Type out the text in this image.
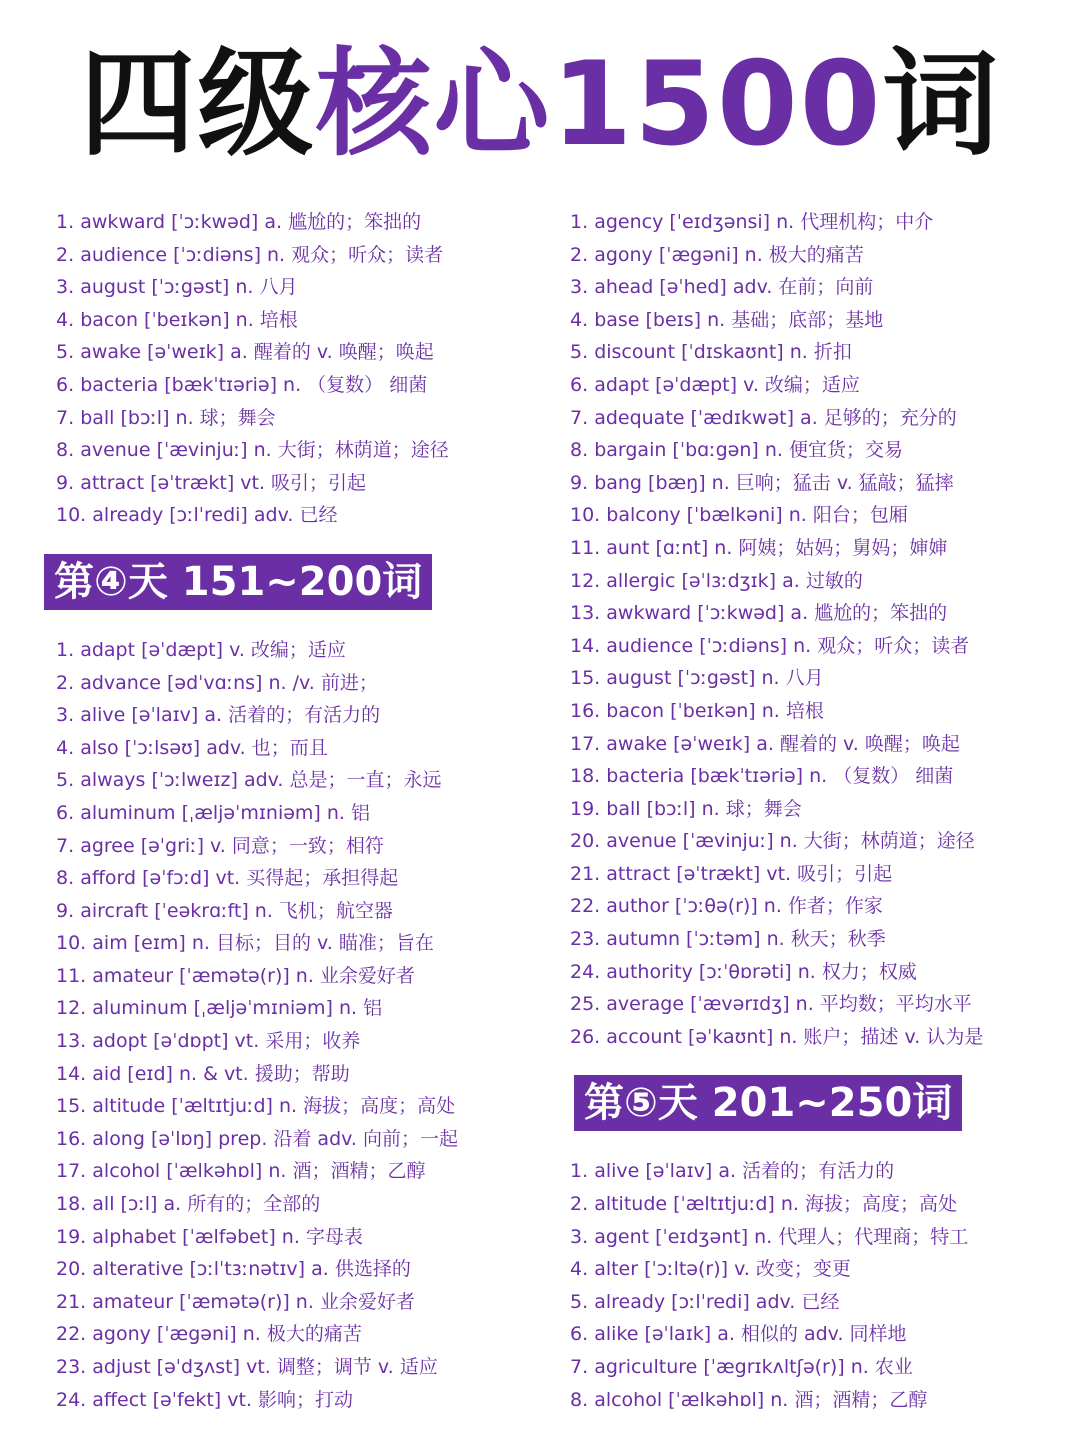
四级核心1500词
1. awkward [ˈɔːkwəd] a. 尴尬的；笨拙的
2. audience [ˈɔːdiəns] n. 观众；听众；读者
3. august [ˈɔːgəst] n. 八月
4. bacon [ˈbeɪkən] n. 培根
5. awake [əˈweɪk] a. 醒着的 v. 唤醒；唤起
6. bacteria [bækˈtɪəriə] n. （复数） 细菌
7. ball [bɔːl] n. 球；舞会
8. avenue [ˈævinjuː] n. 大街；林荫道；途径
9. attract [əˈtrækt] vt. 吸引；引起
10. already [ɔːlˈredi] adv. 已经
第④天 151~200词
1. adapt [əˈdæpt] v. 改编；适应
2. advance [ədˈvɑːns] n. /v. 前进；
3. alive [əˈlaɪv] a. 活着的；有活力的
4. also [ˈɔːlsəʊ] adv. 也；而且
5. always [ˈɔːlweɪz] adv. 总是；一直；永远
6. aluminum [ˌæljəˈmɪniəm] n. 铝
7. agree [əˈgriː] v. 同意；一致；相符
8. afford [əˈfɔːd] vt. 买得起；承担得起
9. aircraft [ˈeəkrɑːft] n. 飞机；航空器
10. aim [eɪm] n. 目标；目的 v. 瞄准；旨在
11. amateur [ˈæmətə(r)] n. 业余爱好者
12. aluminum [ˌæljəˈmɪniəm] n. 铝
13. adopt [əˈdɒpt] vt. 采用；收养
14. aid [eɪd] n. & vt. 援助；帮助
15. altitude [ˈæltɪtjuːd] n. 海拔；高度；高处
16. along [əˈlɒŋ] prep. 沿着 adv. 向前；一起
17. alcohol [ˈælkəhɒl] n. 酒；酒精；乙醇
18. all [ɔːl] a. 所有的；全部的
19. alphabet [ˈælfəbet] n. 字母表
20. alterative [ɔːlˈtɜːnətɪv] a. 供选择的
21. amateur [ˈæmətə(r)] n. 业余爱好者
22. agony [ˈægəni] n. 极大的痛苦
23. adjust [əˈdʒʌst] vt. 调整；调节 v. 适应
24. affect [əˈfekt] vt. 影响；打动
1. agency [ˈeɪdʒənsi] n. 代理机构；中介
2. agony [ˈægəni] n. 极大的痛苦
3. ahead [əˈhed] adv. 在前；向前
4. base [beɪs] n. 基础；底部；基地
5. discount [ˈdɪskaʊnt] n. 折扣
6. adapt [əˈdæpt] v. 改编；适应
7. adequate [ˈædɪkwət] a. 足够的；充分的
8. bargain [ˈbɑːgən] n. 便宜货；交易
9. bang [bæŋ] n. 巨响；猛击 v. 猛敲；猛摔
10. balcony [ˈbælkəni] n. 阳台；包厢
11. aunt [ɑːnt] n. 阿姨；姑妈；舅妈；婶婶
12. allergic [əˈlɜːdʒɪk] a. 过敏的
13. awkward [ˈɔːkwəd] a. 尴尬的；笨拙的
14. audience [ˈɔːdiəns] n. 观众；听众；读者
15. august [ˈɔːgəst] n. 八月
16. bacon [ˈbeɪkən] n. 培根
17. awake [əˈweɪk] a. 醒着的 v. 唤醒；唤起
18. bacteria [bækˈtɪəriə] n. （复数） 细菌
19. ball [bɔːl] n. 球；舞会
20. avenue [ˈævinjuː] n. 大街；林荫道；途径
21. attract [əˈtrækt] vt. 吸引；引起
22. author [ˈɔːθə(r)] n. 作者；作家
23. autumn [ˈɔːtəm] n. 秋天；秋季
24. authority [ɔːˈθɒrəti] n. 权力；权威
25. average [ˈævərɪdʒ] n. 平均数；平均水平
26. account [əˈkaʊnt] n. 账户；描述 v. 认为是
第⑤天 201~250词
1. alive [əˈlaɪv] a. 活着的；有活力的
2. altitude [ˈæltɪtjuːd] n. 海拔；高度；高处
3. agent [ˈeɪdʒənt] n. 代理人；代理商；特工
4. alter [ˈɔːltə(r)] v. 改变；变更
5. already [ɔːlˈredi] adv. 已经
6. alike [əˈlaɪk] a. 相似的 adv. 同样地
7. agriculture [ˈægrɪkʌltʃə(r)] n. 农业
8. alcohol [ˈælkəhɒl] n. 酒；酒精；乙醇
